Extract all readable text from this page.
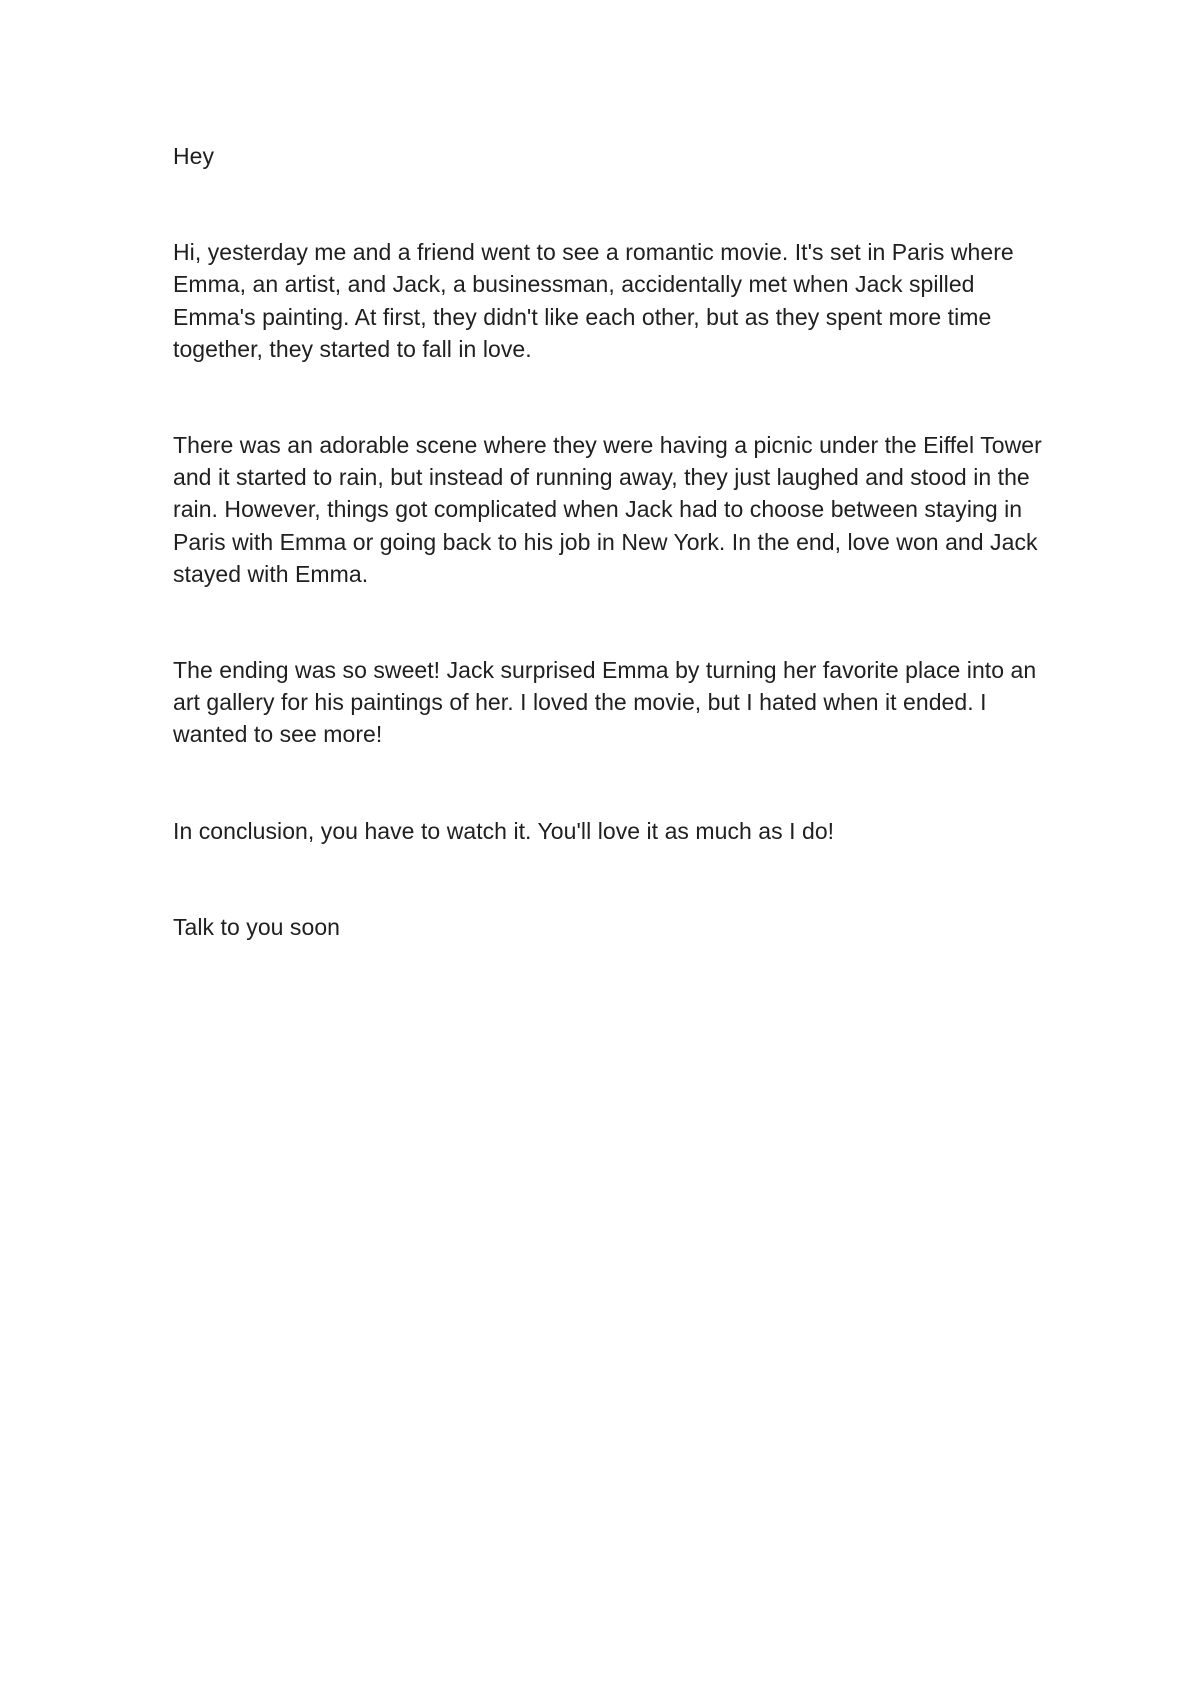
Hey

Hi, yesterday me and a friend went to see a romantic movie. It's set in Paris where Emma, an artist, and Jack, a businessman, accidentally met when Jack spilled Emma's painting. At first, they didn't like each other, but as they spent more time together, they started to fall in love.

There was an adorable scene where they were having a picnic under the Eiffel Tower and it started to rain, but instead of running away, they just laughed and stood in the rain. However, things got complicated when Jack had to choose between staying in Paris with Emma or going back to his job in New York. In the end, love won and Jack stayed with Emma.

The ending was so sweet! Jack surprised Emma by turning her favorite place into an art gallery for his paintings of her. I loved the movie, but I hated when it ended. I wanted to see more!

In conclusion, you have to watch it. You'll love it as much as I do!

Talk to you soon
